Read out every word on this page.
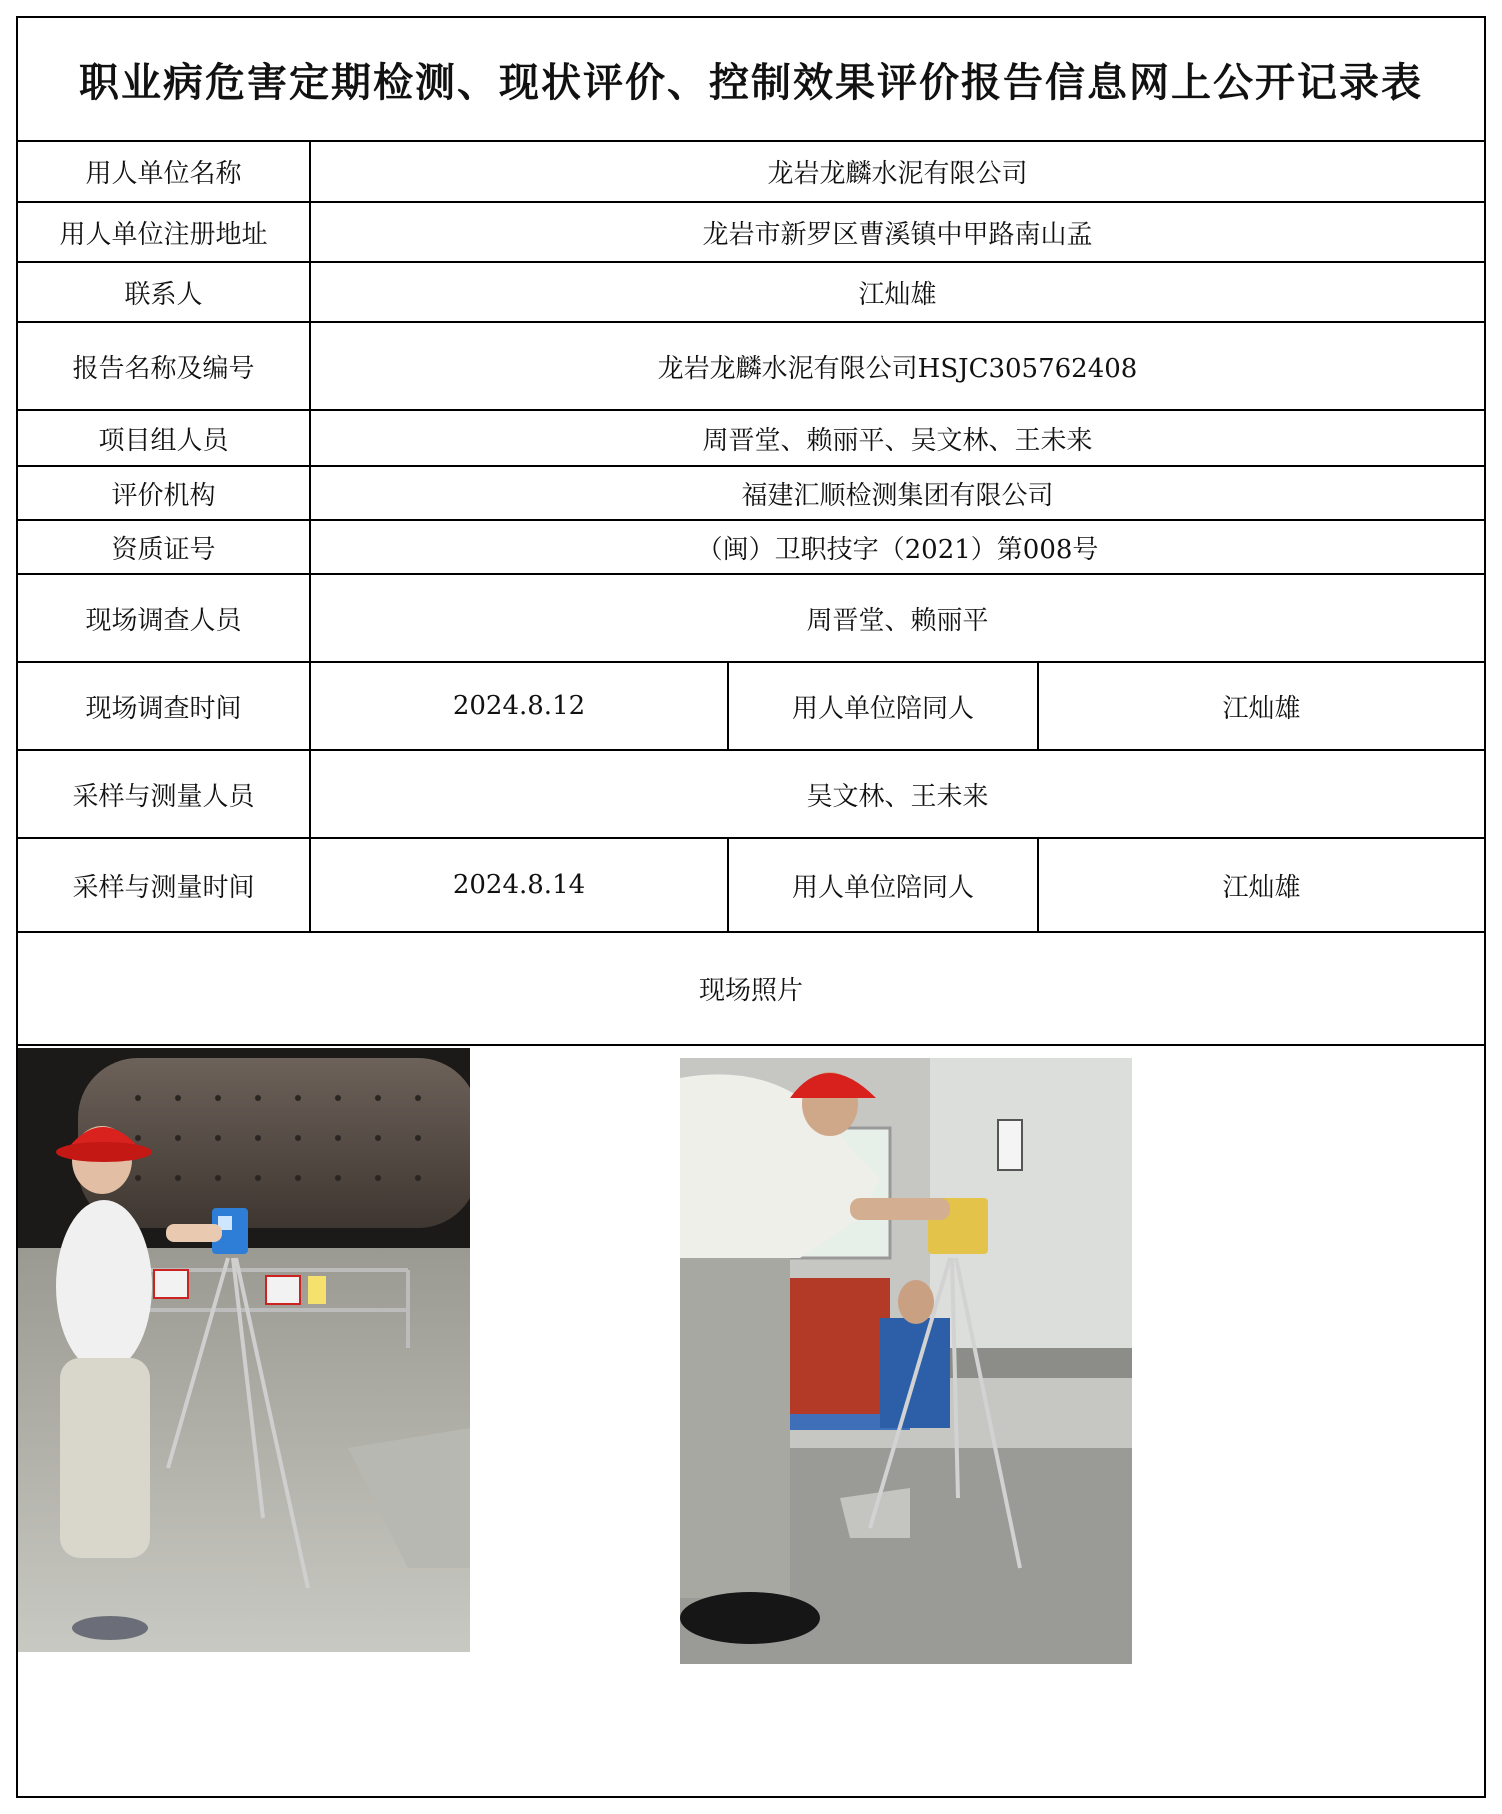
职业病危害定期检测、现状评价、控制效果评价报告信息网上公开记录表
用人单位名称	龙岩龙麟水泥有限公司		
用人单位注册地址	龙岩市新罗区曹溪镇中甲路南山孟		
联系人	江灿雄		
报告名称及编号	龙岩龙麟水泥有限公司HSJC305762408		
项目组人员	周晋堂、赖丽平、吴文林、王未来		
评价机构	福建汇顺检测集团有限公司		
资质证号	（闽）卫职技字（2021）第008号		
现场调查人员	周晋堂、赖丽平		
现场调查时间	2024.8.12	用人单位陪同人	江灿雄
采样与测量人员	吴文林、王未来		
采样与测量时间	2024.8.14	用人单位陪同人	江灿雄
现场照片
